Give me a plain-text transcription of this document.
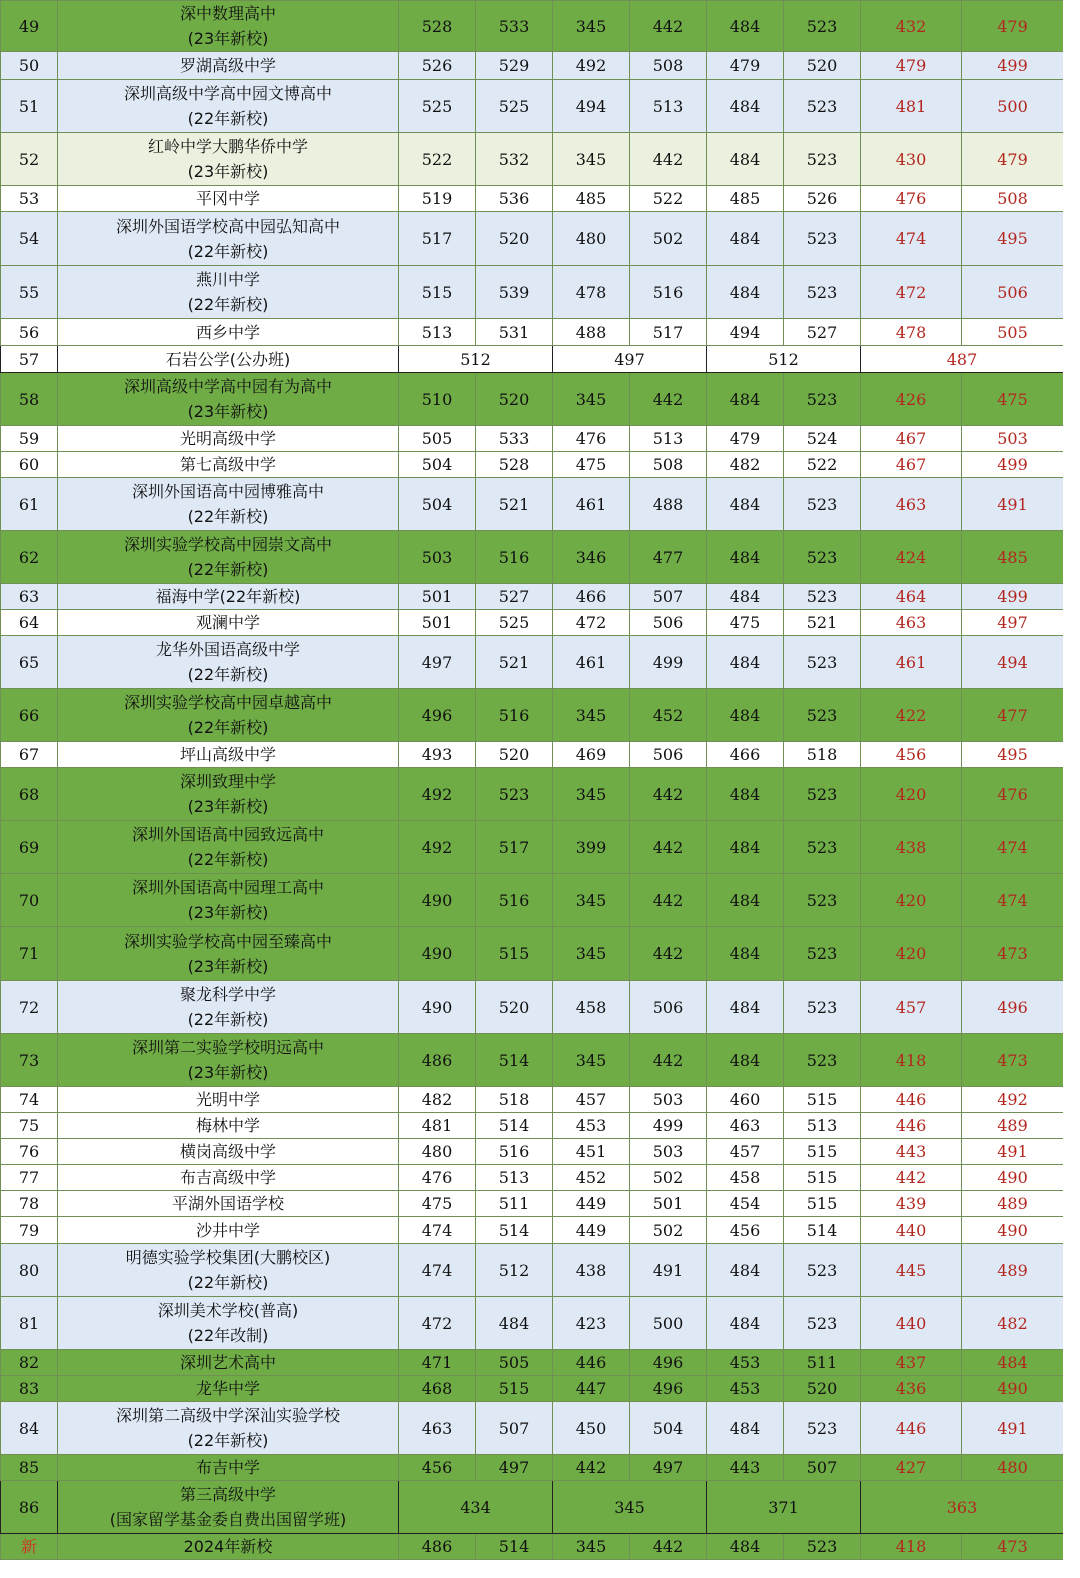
49	深中数理高中
(23年新校)	528	533	345	442	484	523	432	479
50	罗湖高级中学	526	529	492	508	479	520	479	499
51	深圳高级中学高中园文博高中
(22年新校)	525	525	494	513	484	523	481	500
52	红岭中学大鹏华侨中学
(23年新校)	522	532	345	442	484	523	430	479
53	平冈中学	519	536	485	522	485	526	476	508
54	深圳外国语学校高中园弘知高中
(22年新校)	517	520	480	502	484	523	474	495
55	燕川中学
(22年新校)	515	539	478	516	484	523	472	506
56	西乡中学	513	531	488	517	494	527	478	505
57	石岩公学(公办班)	512		497		512		487	
58	深圳高级中学高中园有为高中
(23年新校)	510	520	345	442	484	523	426	475
59	光明高级中学	505	533	476	513	479	524	467	503
60	第七高级中学	504	528	475	508	482	522	467	499
61	深圳外国语高中园博雅高中
(22年新校)	504	521	461	488	484	523	463	491
62	深圳实验学校高中园崇文高中
(22年新校)	503	516	346	477	484	523	424	485
63	福海中学(22年新校)	501	527	466	507	484	523	464	499
64	观澜中学	501	525	472	506	475	521	463	497
65	龙华外国语高级中学
(22年新校)	497	521	461	499	484	523	461	494
66	深圳实验学校高中园卓越高中
(22年新校)	496	516	345	452	484	523	422	477
67	坪山高级中学	493	520	469	506	466	518	456	495
68	深圳致理中学
(23年新校)	492	523	345	442	484	523	420	476
69	深圳外国语高中园致远高中
(22年新校)	492	517	399	442	484	523	438	474
70	深圳外国语高中园理工高中
(23年新校)	490	516	345	442	484	523	420	474
71	深圳实验学校高中园至臻高中
(23年新校)	490	515	345	442	484	523	420	473
72	聚龙科学中学
(22年新校)	490	520	458	506	484	523	457	496
73	深圳第二实验学校明远高中
(23年新校)	486	514	345	442	484	523	418	473
74	光明中学	482	518	457	503	460	515	446	492
75	梅林中学	481	514	453	499	463	513	446	489
76	横岗高级中学	480	516	451	503	457	515	443	491
77	布吉高级中学	476	513	452	502	458	515	442	490
78	平湖外国语学校	475	511	449	501	454	515	439	489
79	沙井中学	474	514	449	502	456	514	440	490
80	明德实验学校集团(大鹏校区)
(22年新校)	474	512	438	491	484	523	445	489
81	深圳美术学校(普高)
(22年改制)	472	484	423	500	484	523	440	482
82	深圳艺术高中	471	505	446	496	453	511	437	484
83	龙华中学	468	515	447	496	453	520	436	490
84	深圳第二高级中学深汕实验学校
(22年新校)	463	507	450	504	484	523	446	491
85	布吉中学	456	497	442	497	443	507	427	480
86	第三高级中学
(国家留学基金委自费出国留学班)	434		345		371		363	
新	2024年新校	486	514	345	442	484	523	418	473
